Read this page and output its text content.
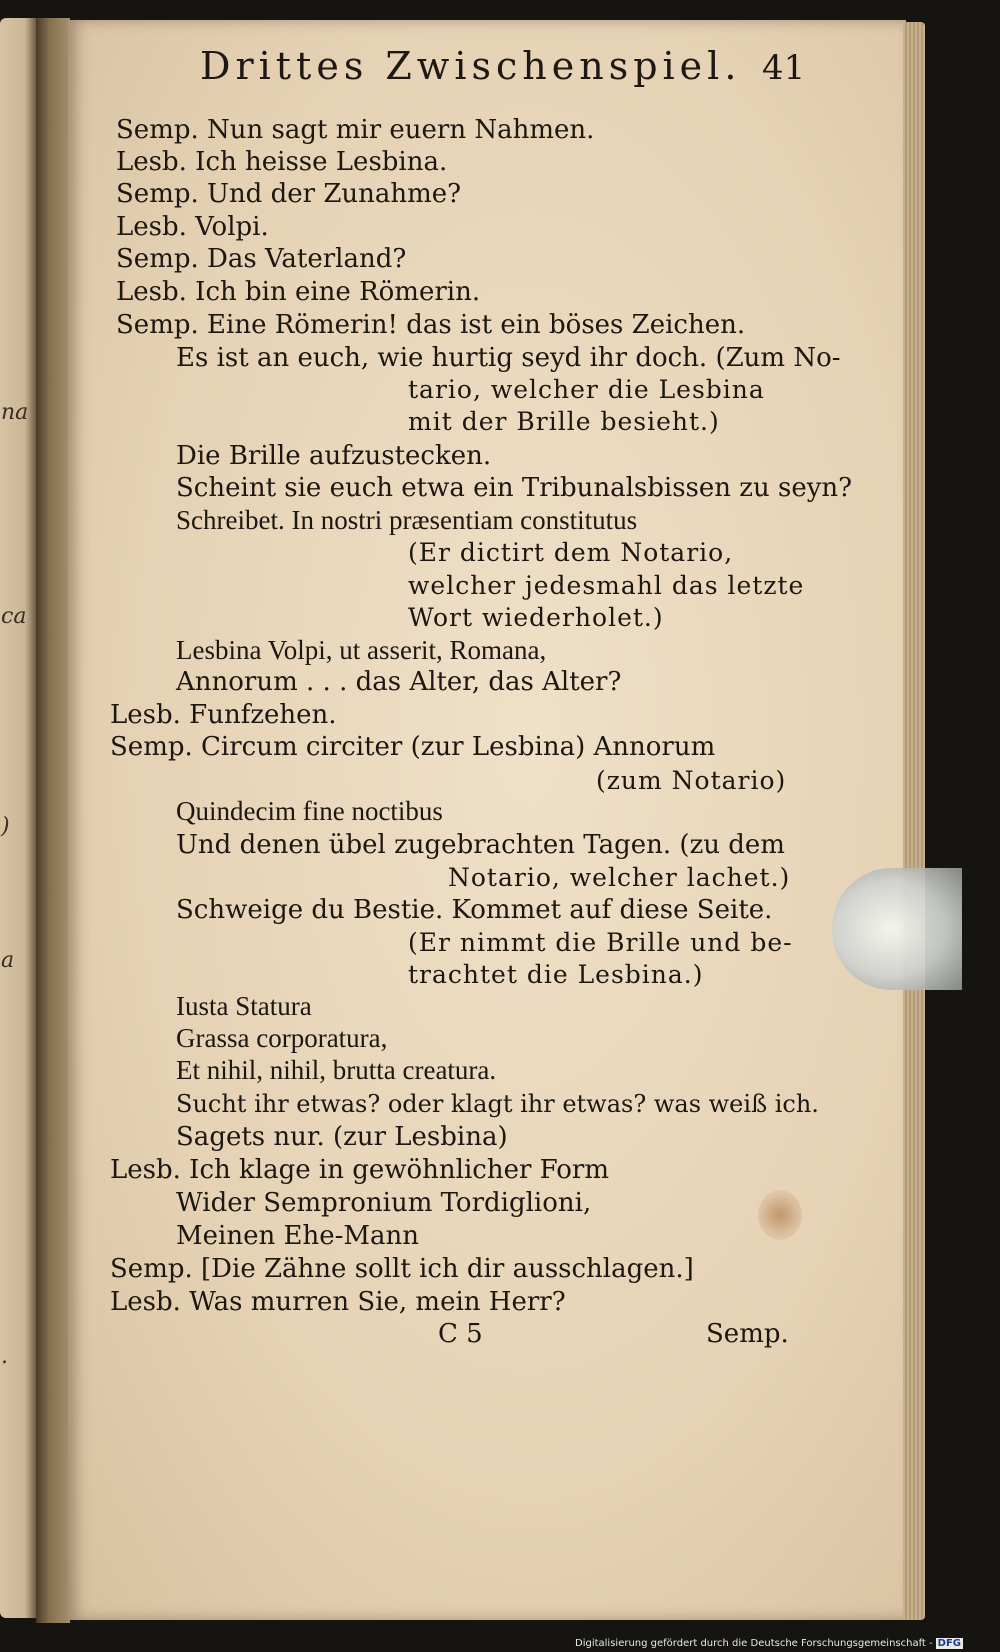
na
ca
)
a
.
Drittes Zwischenspiel. 41
Semp. Nun sagt mir euern Nahmen.
Lesb. Ich heisse Lesbina.
Semp. Und der Zunahme?
Lesb. Volpi.
Semp. Das Vaterland?
Lesb. Ich bin eine Römerin.
Semp. Eine Römerin! das ist ein böses Zeichen.
Es ist an euch, wie hurtig seyd ihr doch. (Zum No-
tario, welcher die Lesbina
mit der Brille besieht.)
Die Brille aufzustecken.
Scheint sie euch etwa ein Tribunalsbissen zu seyn?
Schreibet. In nostri præsentiam constitutus
(Er dictirt dem Notario,
welcher jedesmahl das letzte
Wort wiederholet.)
Lesbina Volpi, ut asserit, Romana,
Annorum . . . das Alter, das Alter?
Lesb. Funfzehen.
Semp. Circum circiter (zur Lesbina) Annorum
(zum Notario)
Quindecim fine noctibus
Und denen übel zugebrachten Tagen. (zu dem
Notario, welcher lachet.)
Schweige du Bestie. Kommet auf diese Seite.
(Er nimmt die Brille und be-
trachtet die Lesbina.)
Iusta Statura
Grassa corporatura,
Et nihil, nihil, brutta creatura.
Sucht ihr etwas? oder klagt ihr etwas? was weiß ich.
Sagets nur. (zur Lesbina)
Lesb. Ich klage in gewöhnlicher Form
Wider Sempronium Tordiglioni,
Meinen Ehe-Mann
Semp. [Die Zähne sollt ich dir ausschlagen.]
Lesb. Was murren Sie, mein Herr?
C 5	Semp.
Digitalisierung gefördert durch die Deutsche Forschungsgemeinschaft - DFG
